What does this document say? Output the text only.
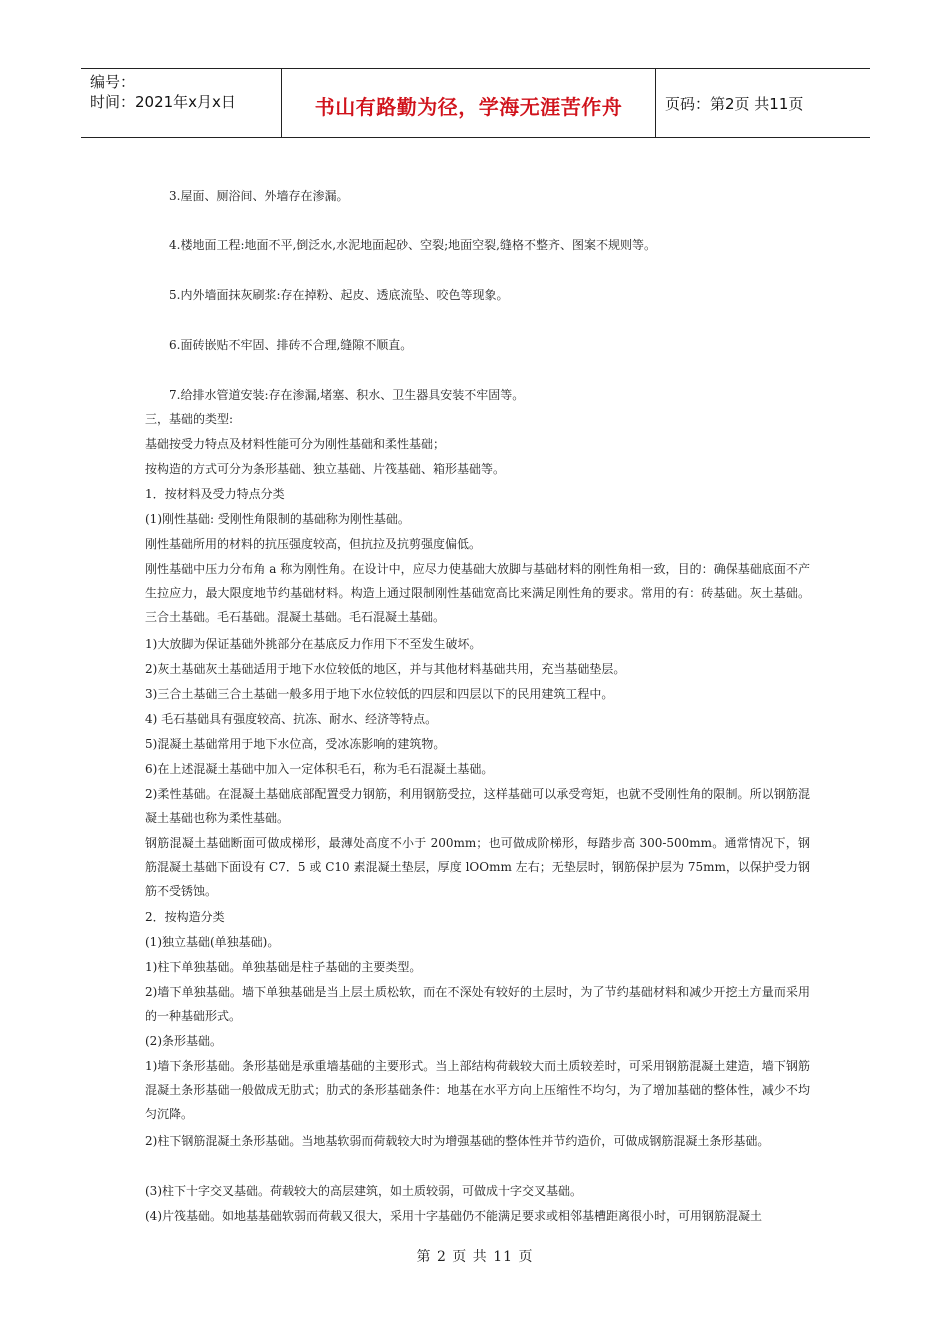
编号：
时间：2021年x月x日	书山有路勤为径，学海无涯苦作舟	页码：第2页 共11页
3.屋面、厕浴间、外墙存在渗漏。
4.楼地面工程:地面不平,倒泛水,水泥地面起砂、空裂;地面空裂,缝格不整齐、图案不规则等。
5.内外墙面抹灰刷浆:存在掉粉、起皮、透底流坠、咬色等现象。
6.面砖嵌贴不牢固、排砖不合理,缝隙不顺直。
7.给排水管道安装:存在渗漏,堵塞、积水、卫生器具安装不牢固等。
三，基础的类型:
基础按受力特点及材料性能可分为刚性基础和柔性基础；
按构造的方式可分为条形基础、独立基础、片筏基础、箱形基础等。
1．按材料及受力特点分类
(1)刚性基础: 受刚性角限制的基础称为刚性基础。
刚性基础所用的材料的抗压强度较高，但抗拉及抗剪强度偏低。
刚性基础中压力分布角 a 称为刚性角。在设计中，应尽力使基础大放脚与基础材料的刚性角相一致，目的：确保基础底面不产生拉应力，最大限度地节约基础材料。构造上通过限制刚性基础宽高比来满足刚性角的要求。常用的有：砖基础。灰土基础。三合土基础。毛石基础。混凝土基础。毛石混凝土基础。
1)大放脚为保证基础外挑部分在基底反力作用下不至发生破坏。
2)灰土基础灰土基础适用于地下水位较低的地区，并与其他材料基础共用，充当基础垫层。
3)三合土基础三合土基础一般多用于地下水位较低的四层和四层以下的民用建筑工程中。
4) 毛石基础具有强度较高、抗冻、耐水、经济等特点。
5)混凝土基础常用于地下水位高，受冰冻影响的建筑物。
6)在上述混凝土基础中加入一定体积毛石，称为毛石混凝土基础。
2)柔性基础。在混凝土基础底部配置受力钢筋，利用钢筋受拉，这样基础可以承受弯矩，也就不受刚性角的限制。所以钢筋混凝土基础也称为柔性基础。
钢筋混凝土基础断面可做成梯形，最薄处高度不小于 200mm；也可做成阶梯形，每踏步高 300-500mm。通常情况下，钢筋混凝土基础下面设有 C7．5 或 C10 素混凝土垫层，厚度 lOOmm 左右；无垫层时，钢筋保护层为 75mm，以保护受力钢筋不受锈蚀。
2．按构造分类
(1)独立基础(单独基础)。
1)柱下单独基础。单独基础是柱子基础的主要类型。
2)墙下单独基础。墙下单独基础是当上层土质松软，而在不深处有较好的土层时，为了节约基础材料和减少开挖土方量而采用的一种基础形式。
(2)条形基础。
1)墙下条形基础。条形基础是承重墙基础的主要形式。当上部结构荷载较大而土质较差时，可采用钢筋混凝土建造，墙下钢筋混凝土条形基础一般做成无肋式；肋式的条形基础条件：地基在水平方向上压缩性不均匀，为了增加基础的整体性，减少不均匀沉降。
2)柱下钢筋混凝土条形基础。当地基软弱而荷载较大时为增强基础的整体性并节约造价，可做成钢筋混凝土条形基础。
(3)柱下十字交叉基础。荷载较大的高层建筑，如土质较弱，可做成十字交叉基础。
(4)片筏基础。如地基基础软弱而荷载又很大，采用十字基础仍不能满足要求或相邻基槽距离很小时，可用钢筋混凝土
第 2 页 共 11 页
